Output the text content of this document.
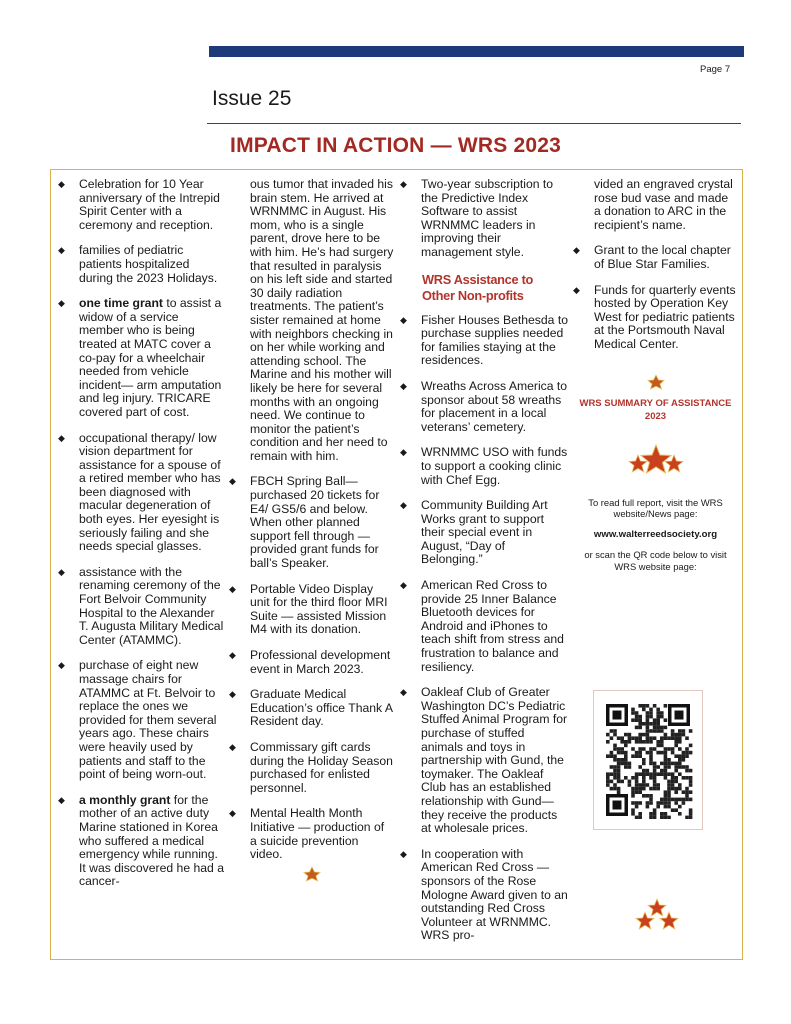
Page 7
Issue 25
IMPACT IN ACTION — WRS 2023
◆
Celebration for 10 Year anniversary of the Intrepid Spirit Center with a ceremony and reception.
◆
families of pediatric patients hospitalized during the 2023 Holidays.
◆
one time grant to assist a widow of a service member who is being treated at MATC cover a co-pay for a wheelchair needed from vehicle incident— arm amputation and leg injury. TRICARE covered part of cost.
◆
occupational therapy/ low vision department for assistance for a spouse of a retired member who has been diagnosed with macular degeneration of both eyes. Her eyesight is seriously failing and she needs special glasses.
◆
assistance with the renaming ceremony of the Fort Belvoir Community Hospital to the Alexander T. Augusta Military Medical Center (ATAMMC).
◆
purchase of eight new massage chairs for ATAMMC at Ft. Belvoir to replace the ones we provided for them several years ago. These chairs were heavily used by patients and staff to the point of being worn-out.
◆
a monthly grant for the mother of an active duty Marine stationed in Korea who suffered a medical emergency while running. It was discovered he had a cancer-
ous tumor that invaded his brain stem. He arrived at WRNMMC in August. His mom, who is a single parent, drove here to be with him. He’s had surgery that resulted in paralysis on his left side and started 30 daily radiation treatments. The patient’s sister remained at home with neighbors checking in on her while working and attending school. The Marine and his mother will likely be here for several months with an ongoing need. We continue to monitor the patient’s condition and her need to remain with him.
◆
FBCH Spring Ball— purchased 20 tickets for E4/ GS5/6 and below. When other planned support fell through — provided grant funds for ball’s Speaker.
◆
Portable Video Display unit for the third floor MRI Suite — assisted Mission M4 with its donation.
◆
Professional development event in March 2023.
◆
Graduate Medical Education’s office Thank A Resident day.
◆
Commissary gift cards during the Holiday Season purchased for enlisted personnel.
◆
Mental Health Month Initiative — production of a suicide prevention video.
◆
Two-year subscription to the Predictive Index Software to assist WRNMMC leaders in improving their management style.
WRS Assistance to Other Non-profits
◆
Fisher Houses Bethesda to purchase supplies needed for families staying at the residences.
◆
Wreaths Across America to sponsor about 58 wreaths for placement in a local veterans’ cemetery.
◆
WRNMMC USO with funds to support a cooking clinic with Chef Egg.
◆
Community Building Art Works grant to support their special event in August, “Day of Belonging.”
◆
American Red Cross to provide 25 Inner Balance Bluetooth devices for Android and iPhones to teach shift from stress and frustration to balance and resiliency.
◆
Oakleaf Club of Greater Washington DC’s Pediatric Stuffed Animal Program for purchase of stuffed animals and toys in partnership with Gund, the toymaker. The Oakleaf Club has an established relationship with Gund—they receive the products at wholesale prices.
◆
In cooperation with American Red Cross — sponsors of the Rose Mologne Award given to an outstanding Red Cross Volunteer at WRNMMC. WRS pro-
vided an engraved crystal rose bud vase and made a donation to ARC in the recipient’s name.
◆
Grant to the local chapter of Blue Star Families.
◆
Funds for quarterly events hosted by Operation Key West for pediatric patients at the Portsmouth Naval Medical Center.
WRS SUMMARY OF ASSISTANCE 2023
To read full report, visit the WRS website/News page:
www.walterreedsociety.org
or scan the QR code below to visit WRS website page:
